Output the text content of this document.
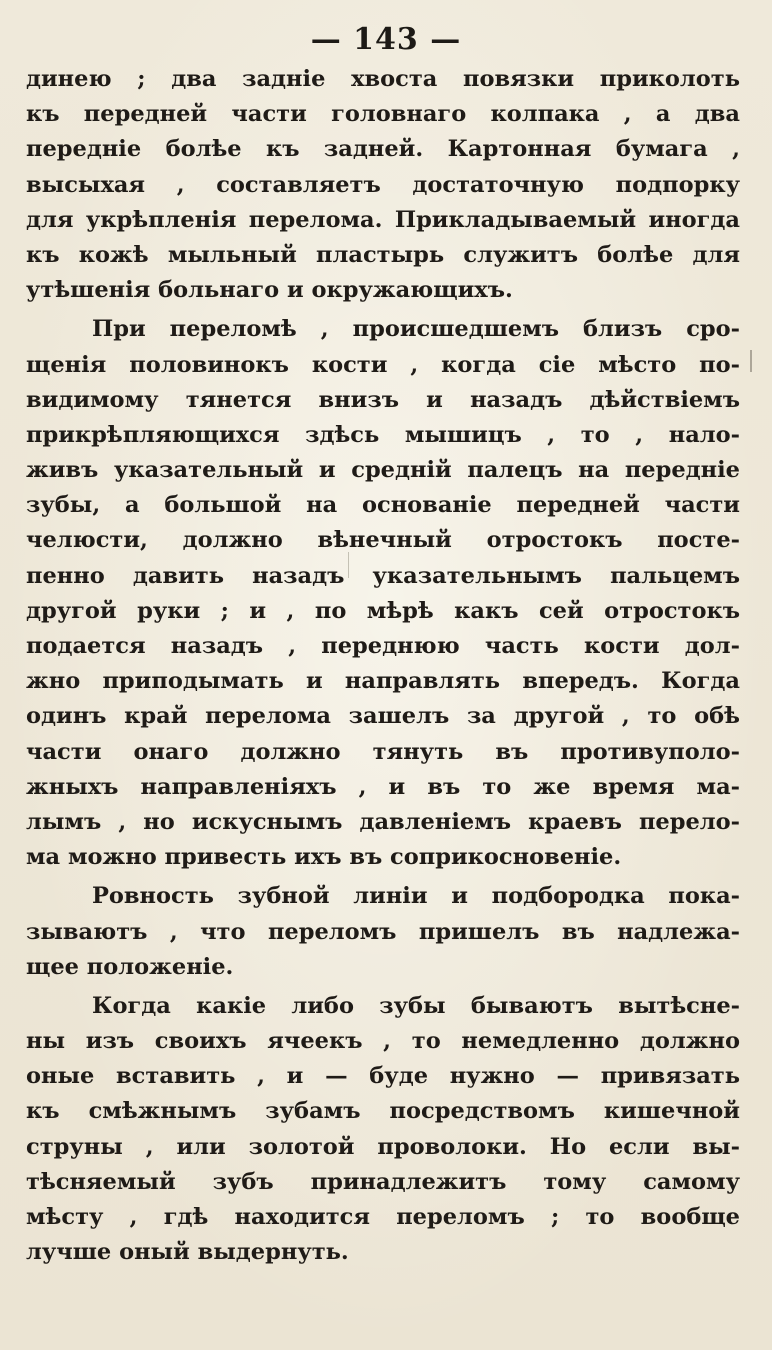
— 143 —
динею ; два задніе хвоста повязки приколоть
къ передней части головнаго колпака , а два
передніе болѣе къ задней. Картонная бумага ,
высыхая , составляетъ достаточную подпорку
для укрѣпленія перелома. Прикладываемый иногда
къ кожѣ мыльный пластырь служитъ болѣе для
утѣшенія больнаго и окружающихъ.
При переломѣ , происшедшемъ близъ сро-
щенія половинокъ кости , когда сіе мѣсто по-
видимому тянется внизъ и назадъ дѣйствіемъ
прикрѣпляющихся здѣсь мышицъ , то , нало-
живъ указательный и средній палецъ на передніе
зубы, а большой на основаніе передней части
челюсти, должно вѣнечный отростокъ посте-
пенно давить назадъ указательнымъ пальцемъ
другой руки ; и , по мѣрѣ какъ сей отростокъ
подается назадъ , переднюю часть кости дол-
жно приподымать и направлять впередъ. Когда
одинъ край перелома зашелъ за другой , то обѣ
части онаго должно тянуть въ противуполо-
жныхъ направленіяхъ , и въ то же время ма-
лымъ , но искуснымъ давленіемъ краевъ перело-
ма можно привесть ихъ въ соприкосновеніе.
Ровность зубной линіи и подбородка пока-
зываютъ , что переломъ пришелъ въ надлежа-
щее положеніе.
Когда какіе либо зубы бываютъ вытѣсне-
ны изъ своихъ ячеекъ , то немедленно должно
оные вставить , и — буде нужно — привязать
къ смѣжнымъ зубамъ посредствомъ кишечной
струны , или золотой проволоки. Но если вы-
тѣсняемый зубъ принадлежитъ тому самому
мѣсту , гдѣ находится переломъ ; то вообще
лучше оный выдернуть.
